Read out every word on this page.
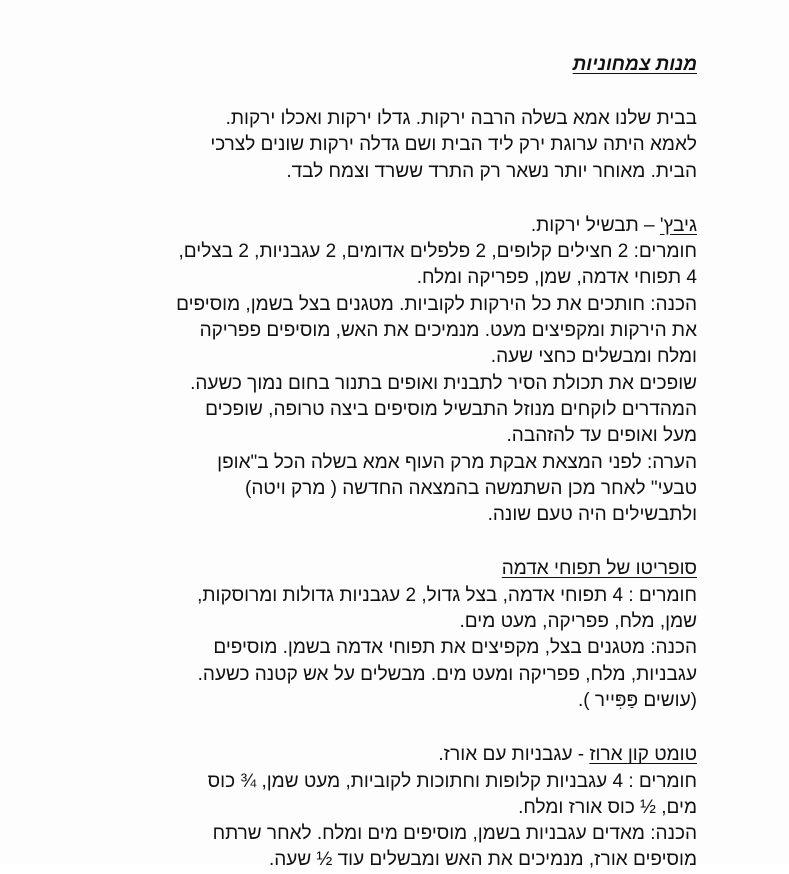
מנות צמחוניות
בבית שלנו אמא בשלה הרבה ירקות. גדלו ירקות ואכלו ירקות.
לאמא היתה ערוגת ירק ליד הבית ושם גדלה ירקות שונים לצרכי
הבית. מאוחר יותר נשאר רק התרד ששרד וצמח לבד.
גיבץ' – תבשיל ירקות.
חומרים: 2 חצילים קלופים, 2 פלפלים אדומים, 2 עגבניות, 2 בצלים,
4 תפוחי אדמה, שמן, פפריקה ומלח.
הכנה: חותכים את כל הירקות לקוביות. מטגנים בצל בשמן, מוסיפים
את הירקות ומקפיצים מעט. מנמיכים את האש, מוסיפים פפריקה
ומלח ומבשלים כחצי שעה.
שופכים את תכולת הסיר לתבנית ואופים בתנור בחום נמוך כשעה.
המהדרים לוקחים מנוזל התבשיל מוסיפים ביצה טרופה, שופכים
מעל ואופים עד להזהבה.
הערה: לפני המצאת אבקת מרק העוף אמא בשלה הכל ב"אופן
טבעי" לאחר מכן השתמשה בהמצאה החדשה ( מרק ויטה)
ולתבשילים היה טעם שונה.
סופריטו של תפוחי אדמה
חומרים : 4 תפוחי אדמה, בצל גדול, 2 עגבניות גדולות ומרוסקות,
שמן, מלח, פפריקה, מעט מים.
הכנה: מטגנים בצל, מקפיצים את תפוחי אדמה בשמן. מוסיפים
עגבניות, מלח, פפריקה ומעט מים. מבשלים על אש קטנה כשעה.
(עושים פַּפִּייר ).
טומט קון ארוז - עגבניות עם אורז.
חומרים : 4 עגבניות קלופות וחתוכות לקוביות, מעט שמן, ¾ כוס
מים, ½ כוס אורז ומלח.
הכנה: מאדים עגבניות בשמן, מוסיפים מים ומלח. לאחר שרתח
מוסיפים אורז, מנמיכים את האש ומבשלים עוד ½ שעה.
